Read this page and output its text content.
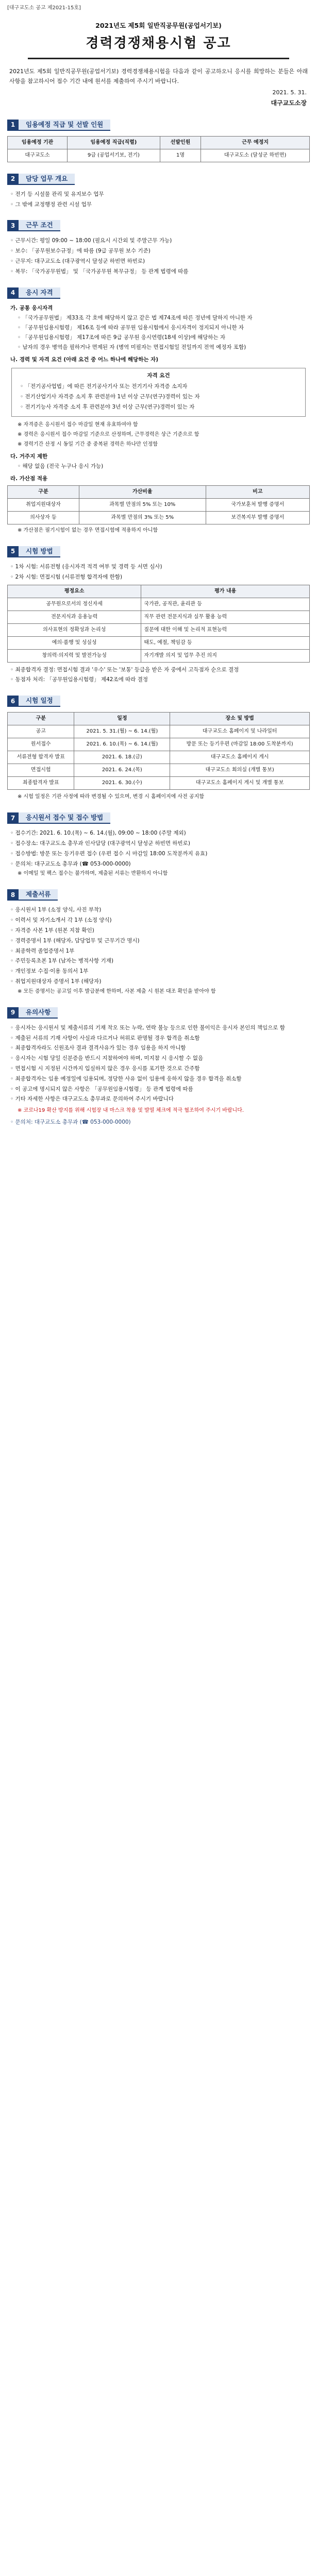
[대구교도소 공고 제2021-15호]
2021년도 제5회 일반직공무원(공업서기보)
경력경쟁채용시험 공고
2021년도 제5회 일반직공무원(공업서기보) 경력경쟁채용시험을 다음과 같이 공고하오니 응시를 희망하는 분들은 아래 사항을 참고하시어 접수 기간 내에 원서를 제출하여 주시기 바랍니다.
2021. 5. 31.
대구교도소장
1	임용예정 직급 및 선발 인원
임용예정 기관	임용예정 직급(직렬)	선발인원	근무 예정지
대구교도소	9급 (공업서기보, 전기)	1명	대구교도소 (달성군 하빈면)
2	담당 업무 개요
◦ 전기 등 시설물 관리 및 유지보수 업무
◦ 그 밖에 교정행정 관련 시설 업무
3	근무 조건
◦ 근무시간: 평일 09:00 ~ 18:00 (필요시 시간외 및 주말근무 가능)
◦ 보수: 「공무원보수규정」에 따름 (9급 공무원 보수 기준)
◦ 근무지: 대구교도소 (대구광역시 달성군 하빈면 하빈로)
◦ 복무: 「국가공무원법」 및 「국가공무원 복무규정」 등 관계 법령에 따름
4	응시 자격
가. 공통 응시자격
◦ 「국가공무원법」 제33조 각 호에 해당하지 않고 같은 법 제74조에 따른 정년에 달하지 아니한 자
◦ 「공무원임용시험령」 제16조 등에 따라 공무원 임용시험에서 응시자격이 정지되지 아니한 자
◦ 「공무원임용시험령」 제17조에 따른 9급 공무원 응시연령(18세 이상)에 해당하는 자
◦ 남자의 경우 병역을 필하거나 면제된 자 (병역 미필자는 면접시험일 전일까지 전역 예정자 포함)
나. 경력 및 자격 요건 (아래 요건 중 어느 하나에 해당하는 자)
자격 요건
◦ 「전기공사업법」에 따른 전기공사기사 또는 전기기사 자격증 소지자
◦ 전기산업기사 자격증 소지 후 관련분야 1년 이상 근무(연구)경력이 있는 자
◦ 전기기능사 자격증 소지 후 관련분야 3년 이상 근무(연구)경력이 있는 자
※ 자격증은 응시원서 접수 마감일 현재 유효하여야 함
※ 경력은 응시원서 접수 마감일 기준으로 산정하며, 근무경력은 상근 기준으로 함
※ 경력기간 산정 시 동일 기간 중 중복된 경력은 하나만 인정함
다. 거주지 제한
◦ 해당 없음 (전국 누구나 응시 가능)
라. 가산점 적용
구분	가산비율	비고
취업지원대상자	과목별 만점의 5% 또는 10%	국가보훈처 발행 증명서
의사상자 등	과목별 만점의 3% 또는 5%	보건복지부 발행 증명서
※ 가산점은 필기시험이 없는 경우 면접시험에 적용하지 아니함
5	시험 방법
◦ 1차 시험: 서류전형 (응시자격 적격 여부 및 경력 등 서면 심사)
◦ 2차 시험: 면접시험 (서류전형 합격자에 한함)
평정요소	평가 내용
공무원으로서의 정신자세	국가관, 공직관, 윤리관 등
전문지식과 응용능력	직무 관련 전문지식과 실무 활용 능력
의사표현의 정확성과 논리성	질문에 대한 이해 및 논리적 표현능력
예의·품행 및 성실성	태도, 예절, 책임감 등
창의력·의지력 및 발전가능성	자기개발 의지 및 업무 추진 의지
◦ 최종합격자 결정: 면접시험 결과 '우수' 또는 '보통' 등급을 받은 자 중에서 고득점자 순으로 결정
◦ 동점자 처리: 「공무원임용시험령」 제42조에 따라 결정
6	시험 일정
구분	일정	장소 및 방법
공고	2021. 5. 31.(월) ~ 6. 14.(월)	대구교도소 홈페이지 및 나라일터
원서접수	2021. 6. 10.(목) ~ 6. 14.(월)	방문 또는 등기우편 (마감일 18:00 도착분까지)
서류전형 합격자 발표	2021. 6. 18.(금)	대구교도소 홈페이지 게시
면접시험	2021. 6. 24.(목)	대구교도소 회의실 (개별 통보)
최종합격자 발표	2021. 6. 30.(수)	대구교도소 홈페이지 게시 및 개별 통보
※ 시험 일정은 기관 사정에 따라 변경될 수 있으며, 변경 시 홈페이지에 사전 공지함
7	응시원서 접수 및 접수 방법
◦ 접수기간: 2021. 6. 10.(목) ~ 6. 14.(월), 09:00 ~ 18:00 (주말 제외)
◦ 접수장소: 대구교도소 총무과 인사담당 (대구광역시 달성군 하빈면 하빈로)
◦ 접수방법: 방문 또는 등기우편 접수 (우편 접수 시 마감일 18:00 도착분까지 유효)
◦ 문의처: 대구교도소 총무과 (☎ 053-000-0000)
※ 이메일 및 팩스 접수는 불가하며, 제출된 서류는 반환하지 아니함
8	제출서류
◦ 응시원서 1부 (소정 양식, 사진 부착)
◦ 이력서 및 자기소개서 각 1부 (소정 양식)
◦ 자격증 사본 1부 (원본 지참 확인)
◦ 경력증명서 1부 (해당자, 담당업무 및 근무기간 명시)
◦ 최종학력 졸업증명서 1부
◦ 주민등록초본 1부 (남자는 병적사항 기재)
◦ 개인정보 수집·이용 동의서 1부
◦ 취업지원대상자 증명서 1부 (해당자)
※ 모든 증명서는 공고일 이후 발급분에 한하며, 사본 제출 시 원본 대조 확인을 받아야 함
9	유의사항
◦ 응시자는 응시원서 및 제출서류의 기재 착오 또는 누락, 연락 불능 등으로 인한 불이익은 응시자 본인의 책임으로 함
◦ 제출된 서류의 기재 사항이 사실과 다르거나 허위로 판명될 경우 합격을 취소함
◦ 최종합격자라도 신원조사 결과 결격사유가 있는 경우 임용을 하지 아니함
◦ 응시자는 시험 당일 신분증을 반드시 지참하여야 하며, 미지참 시 응시할 수 없음
◦ 면접시험 시 지정된 시간까지 입실하지 않은 경우 응시를 포기한 것으로 간주함
◦ 최종합격자는 임용 예정일에 임용되며, 정당한 사유 없이 임용에 응하지 않을 경우 합격을 취소함
◦ 이 공고에 명시되지 않은 사항은 「공무원임용시험령」 등 관계 법령에 따름
◦ 기타 자세한 사항은 대구교도소 총무과로 문의하여 주시기 바랍니다
※ 코로나19 확산 방지를 위해 시험장 내 마스크 착용 및 발열 체크에 적극 협조하여 주시기 바랍니다.
◦ 문의처: 대구교도소 총무과 (☎ 053-000-0000)
